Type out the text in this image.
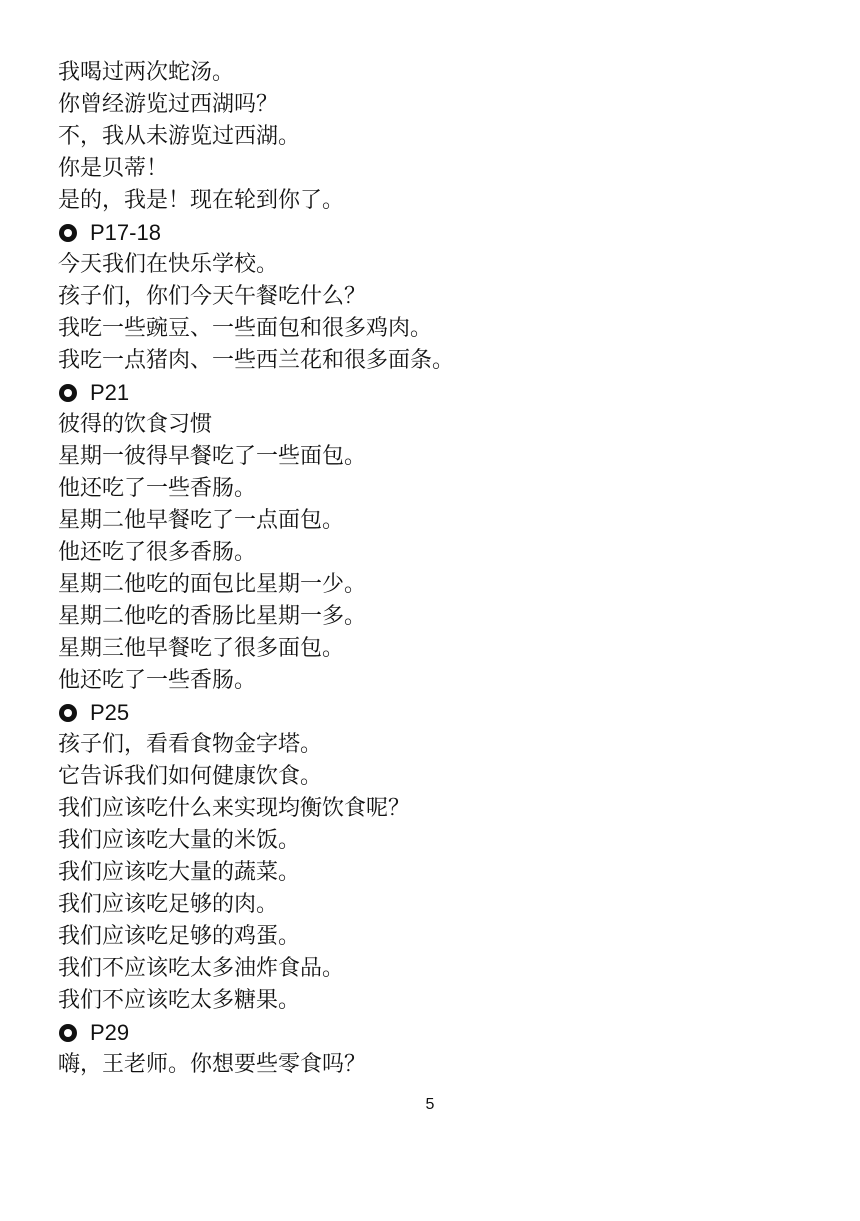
我喝过两次蛇汤。
你曾经游览过西湖吗？
不，我从未游览过西湖。
你是贝蒂！
是的，我是！现在轮到你了。
P17-18
今天我们在快乐学校。
孩子们，你们今天午餐吃什么？
我吃一些豌豆、一些面包和很多鸡肉。
我吃一点猪肉、一些西兰花和很多面条。
P21
彼得的饮食习惯
星期一彼得早餐吃了一些面包。
他还吃了一些香肠。
星期二他早餐吃了一点面包。
他还吃了很多香肠。
星期二他吃的面包比星期一少。
星期二他吃的香肠比星期一多。
星期三他早餐吃了很多面包。
他还吃了一些香肠。
P25
孩子们，看看食物金字塔。
它告诉我们如何健康饮食。
我们应该吃什么来实现均衡饮食呢？
我们应该吃大量的米饭。
我们应该吃大量的蔬菜。
我们应该吃足够的肉。
我们应该吃足够的鸡蛋。
我们不应该吃太多油炸食品。
我们不应该吃太多糖果。
P29
嗨，王老师。你想要些零食吗？
5
